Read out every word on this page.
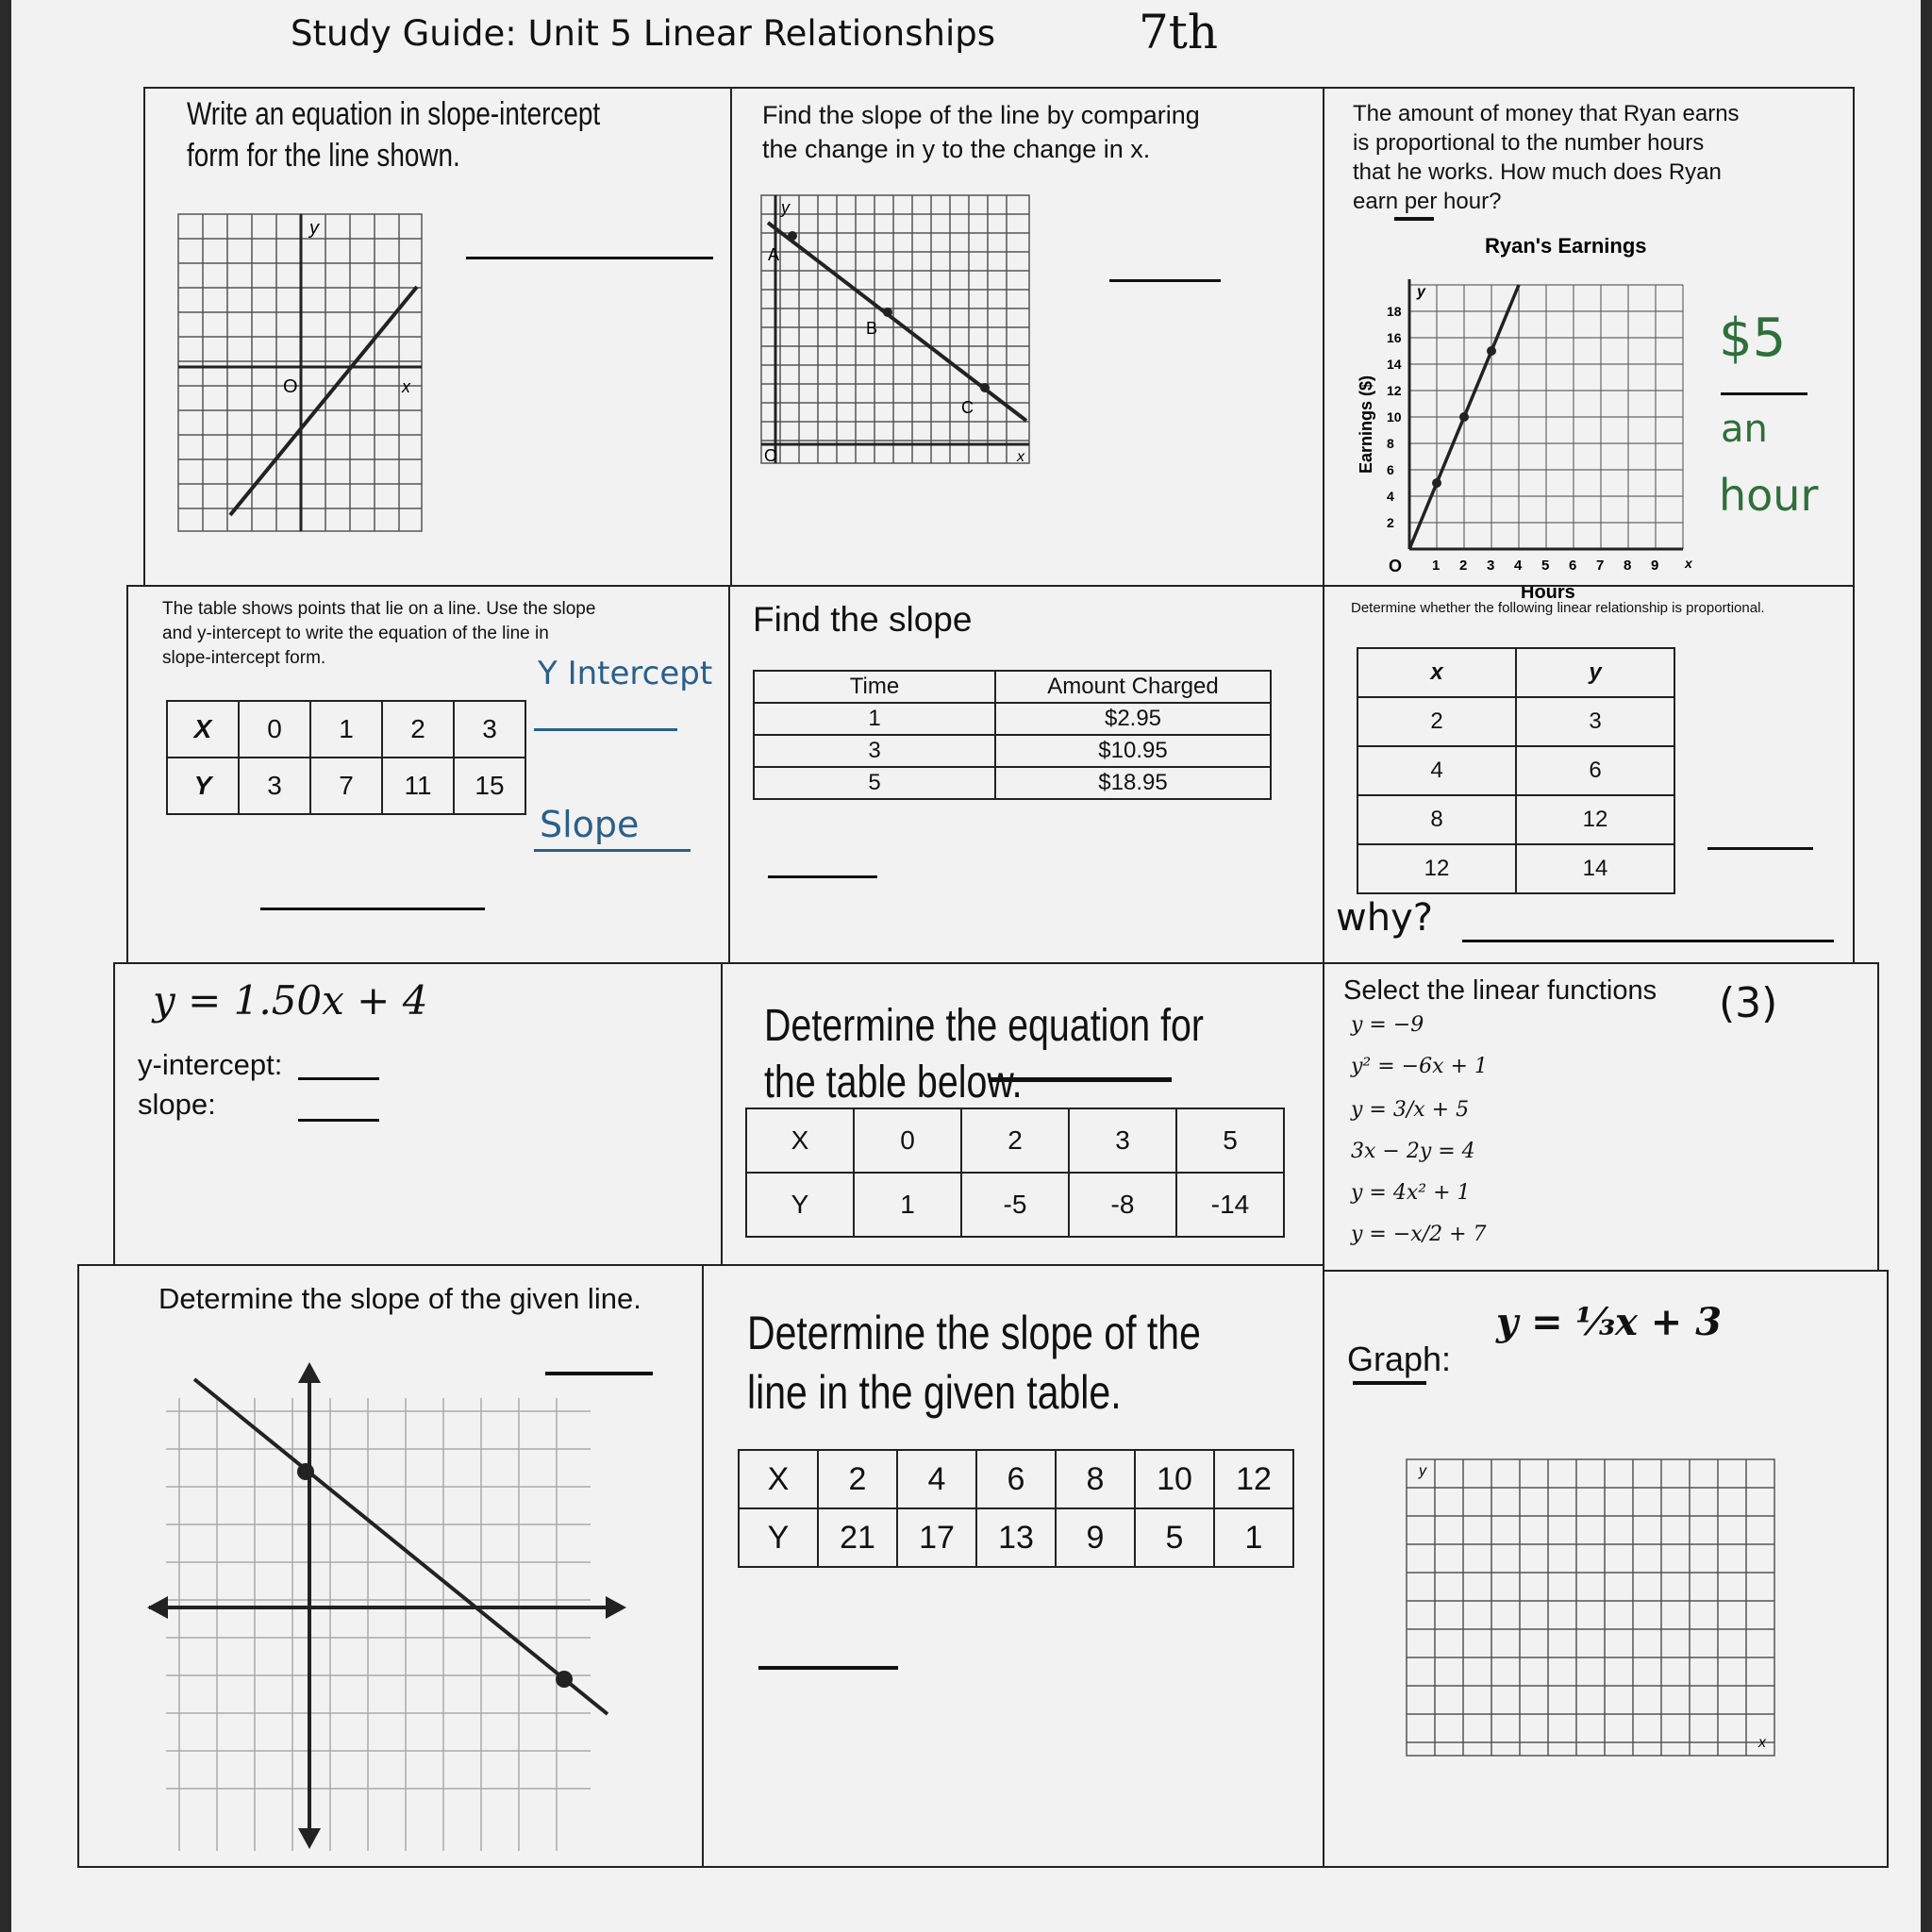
Study Guide: Unit 5 Linear Relationships	7th
Write an equation in slope-intercept
form for the line shown.
y
x
O
Find the slope of the line by comparing
the change in y to the change in x.
y
x
O
A
B
C
The amount of money that Ryan earns
is proportional to the number hours
that he works. How much does Ryan
earn per hour?
Ryan's Earnings
2
4
6
8
10
12
14
16
18
1 2 3 4 5 6 7 8 9
O	x
y
Hours
Earnings ($)
$5
an
hour
The table shows points that lie on a line. Use the slope
and y-intercept to write the equation of the line in
slope-intercept form.
X	0	1	2	3
Y	3	7	11	15
Y Intercept
Slope
Find the slope
Time	Amount Charged
1	$2.95
3	$10.95
5	$18.95
Determine whether the following linear relationship is proportional.
x	y
2	3
4	6
8	12
12	14
why?
y = 1.50x + 4
y-intercept:
slope:
Determine the equation for the table below.
X	0	2	3	5
Y	1	-5	-8	-14
Select the linear functions (3)
y = −9
y² = −6x + 1
y = 3/x + 5
3x − 2y = 4
y = 4x² + 1
y = −x/2 + 7
Determine the slope of the given line.
Determine the slope of the line in the given table.
X	2	4	6	8	10	12
Y	21	17	13	9	5	1
Graph:
y = ⅓x + 3
y
x
